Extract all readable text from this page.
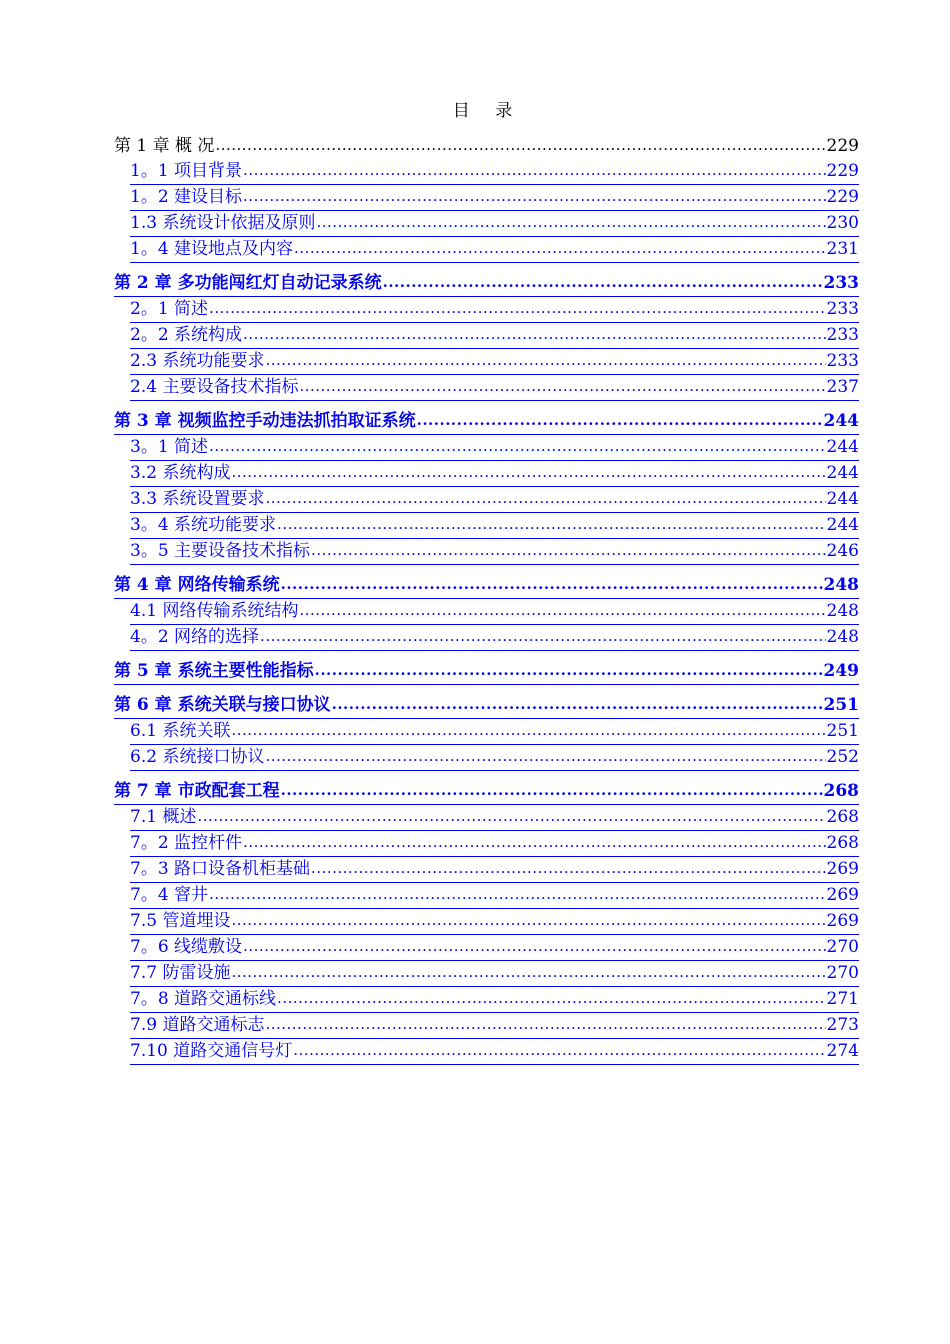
目 录
第 1 章 概 况 .....	229
1。1 项目背景 .....	229
1。2 建设目标 .....	229
1.3 系统设计依据及原则 .....	230
1。4 建设地点及内容 .....	231
第 2 章 多功能闯红灯自动记录系统 .....	233
2。1 简述 .....	233
2。2 系统构成 .....	233
2.3 系统功能要求 .....	233
2.4 主要设备技术指标 .....	237
第 3 章 视频监控手动违法抓拍取证系统 .....	244
3。1 简述 .....	244
3.2 系统构成 .....	244
3.3 系统设置要求 .....	244
3。4 系统功能要求 .....	244
3。5 主要设备技术指标 .....	246
第 4 章 网络传输系统 .....	248
4.1 网络传输系统结构 .....	248
4。2 网络的选择 .....	248
第 5 章 系统主要性能指标 .....	249
第 6 章 系统关联与接口协议 .....	251
6.1 系统关联 .....	251
6.2 系统接口协议 .....	252
第 7 章 市政配套工程 .....	268
7.1 概述 .....	268
7。2 监控杆件 .....	268
7。3 路口设备机柜基础 .....	269
7。4 窨井 .....	269
7.5 管道埋设 .....	269
7。6 线缆敷设 .....	270
7.7 防雷设施 .....	270
7。8 道路交通标线 .....	271
7.9 道路交通标志 .....	273
7.10 道路交通信号灯 .....	274
